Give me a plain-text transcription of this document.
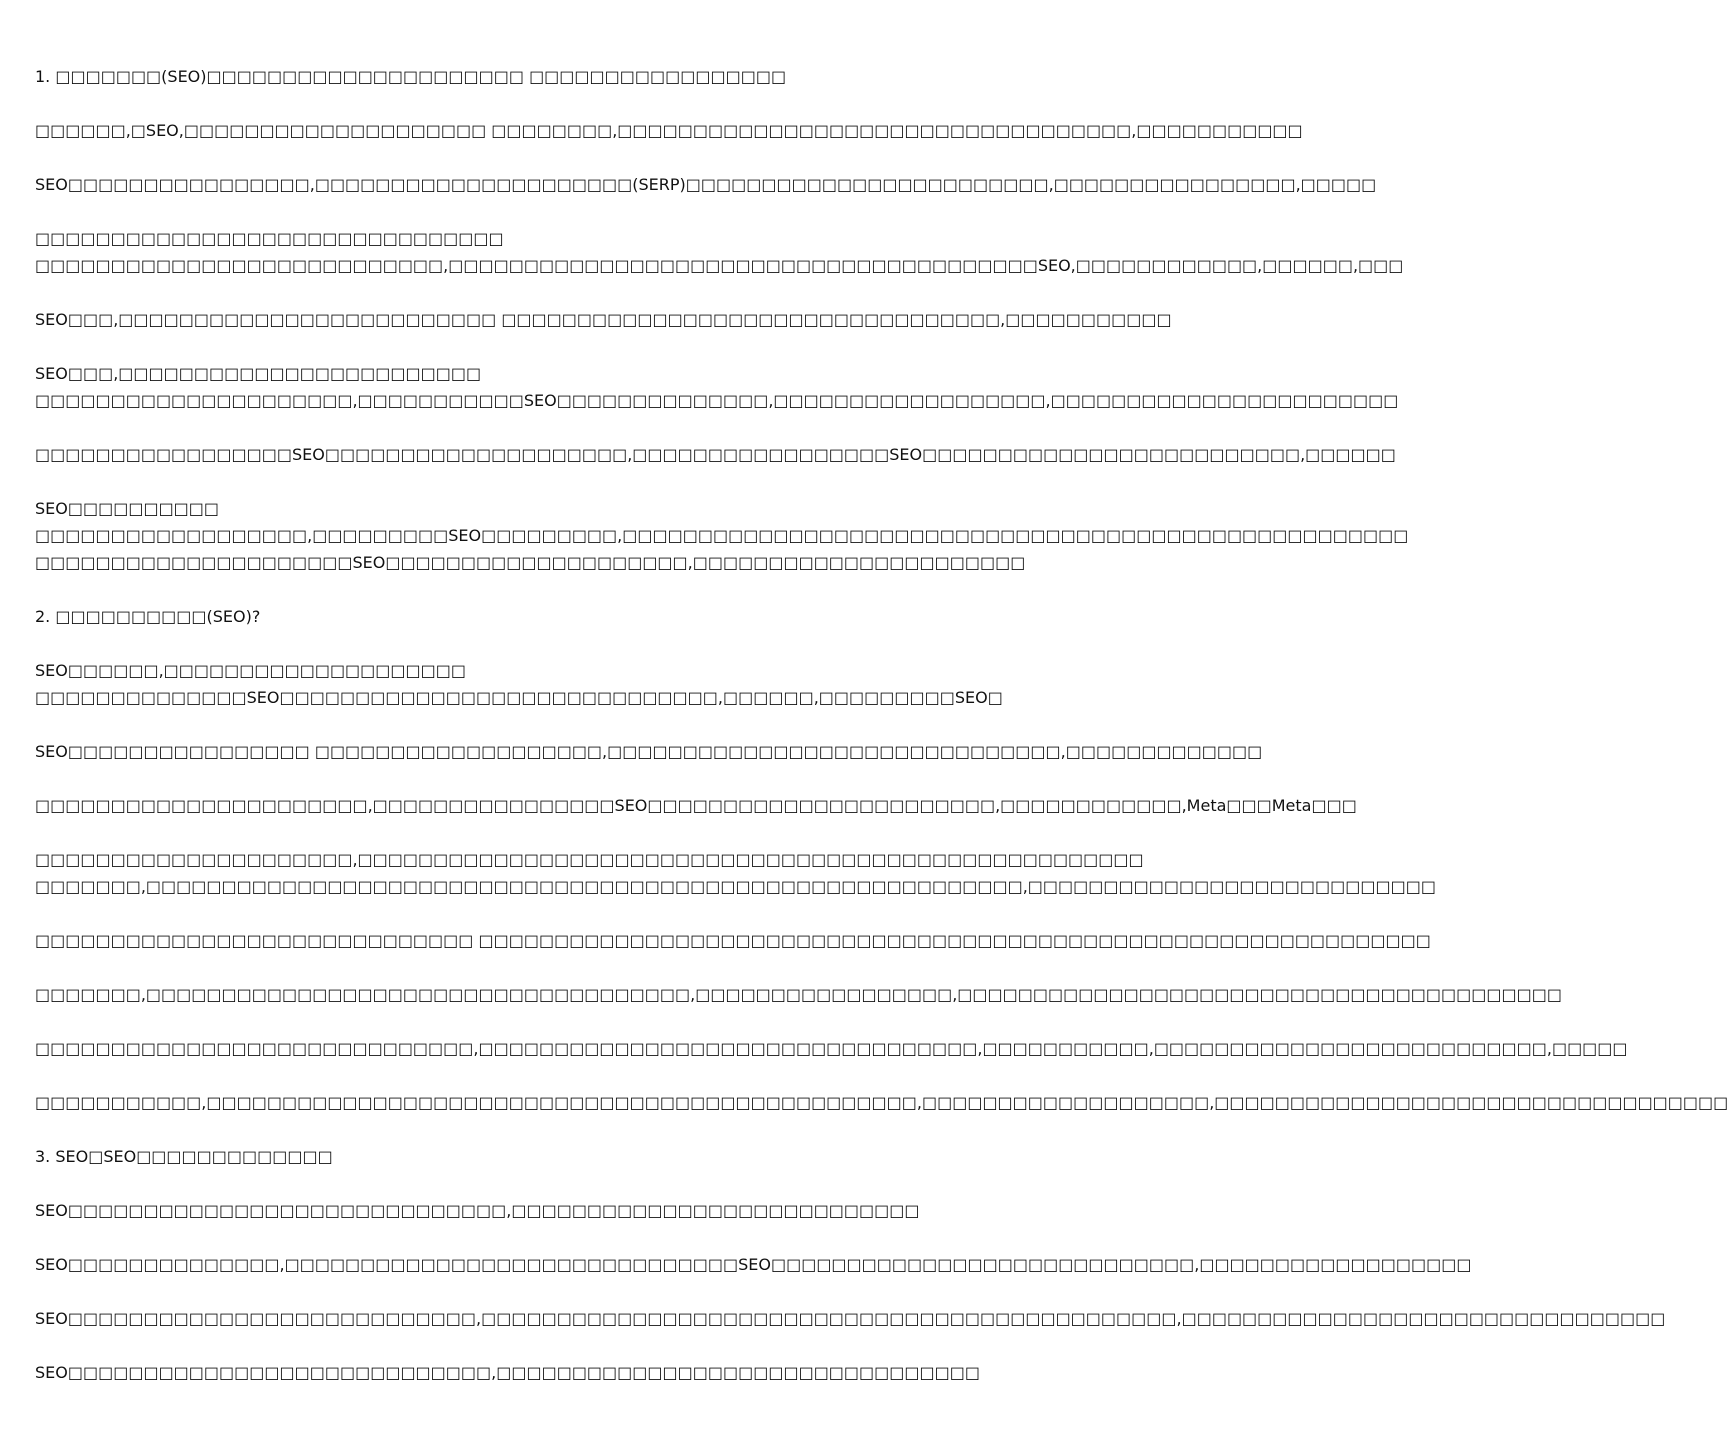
1. □□□□□□□(SEO)□□□□□□□□□□□□□□□□□□□□□ □□□□□□□□□□□□□□□□□
□□□□□□,□SEO,□□□□□□□□□□□□□□□□□□□□ □□□□□□□□,□□□□□□□□□□□□□□□□□□□□□□□□□□□□□□□□□□,□□□□□□□□□□□
SEO□□□□□□□□□□□□□□□□,□□□□□□□□□□□□□□□□□□□□□(SERP)□□□□□□□□□□□□□□□□□□□□□□□□,□□□□□□□□□□□□□□□□,□□□□□
□□□□□□□□□□□□□□□□□□□□□□□□□□□□□□□
□□□□□□□□□□□□□□□□□□□□□□□□□□□,□□□□□□□□□□□□□□□□□□□□□□□□□□□□□□□□□□□□□□□SEO,□□□□□□□□□□□□,□□□□□□,□□□
SEO□□□,□□□□□□□□□□□□□□□□□□□□□□□□□ □□□□□□□□□□□□□□□□□□□□□□□□□□□□□□□□□,□□□□□□□□□□□
SEO□□□,□□□□□□□□□□□□□□□□□□□□□□□□
□□□□□□□□□□□□□□□□□□□□□,□□□□□□□□□□□SEO□□□□□□□□□□□□□□,□□□□□□□□□□□□□□□□□□,□□□□□□□□□□□□□□□□□□□□□□□
□□□□□□□□□□□□□□□□□SEO□□□□□□□□□□□□□□□□□□□□,□□□□□□□□□□□□□□□□□SEO□□□□□□□□□□□□□□□□□□□□□□□□□,□□□□□□
SEO□□□□□□□□□□
□□□□□□□□□□□□□□□□□□,□□□□□□□□□SEO□□□□□□□□□,□□□□□□□□□□□□□□□□□□□□□□□□□□□□□□□□□□□□□□□□□□□□□□□□□□□□
□□□□□□□□□□□□□□□□□□□□□SEO□□□□□□□□□□□□□□□□□□□□,□□□□□□□□□□□□□□□□□□□□□□
2. □□□□□□□□□□(SEO)?
SEO□□□□□□,□□□□□□□□□□□□□□□□□□□□
□□□□□□□□□□□□□□SEO□□□□□□□□□□□□□□□□□□□□□□□□□□□□□,□□□□□□,□□□□□□□□□SEO□
SEO□□□□□□□□□□□□□□□□ □□□□□□□□□□□□□□□□□□□,□□□□□□□□□□□□□□□□□□□□□□□□□□□□□□,□□□□□□□□□□□□□
□□□□□□□□□□□□□□□□□□□□□□,□□□□□□□□□□□□□□□□SEO□□□□□□□□□□□□□□□□□□□□□□□,□□□□□□□□□□□□,Meta□□□Meta□□□
□□□□□□□□□□□□□□□□□□□□□,□□□□□□□□□□□□□□□□□□□□□□□□□□□□□□□□□□□□□□□□□□□□□□□□□□□□
□□□□□□□,□□□□□□□□□□□□□□□□□□□□□□□□□□□□□□□□□□□□□□□□□□□□□□□□□□□□□□□□□□,□□□□□□□□□□□□□□□□□□□□□□□□□□□
□□□□□□□□□□□□□□□□□□□□□□□□□□□□□ □□□□□□□□□□□□□□□□□□□□□□□□□□□□□□□□□□□□□□□□□□□□□□□□□□□□□□□□□□□□□□□
□□□□□□□,□□□□□□□□□□□□□□□□□□□□□□□□□□□□□□□□□□□□,□□□□□□□□□□□□□□□□□,□□□□□□□□□□□□□□□□□□□□□□□□□□□□□□□□□□□□□□□□
□□□□□□□□□□□□□□□□□□□□□□□□□□□□□,□□□□□□□□□□□□□□□□□□□□□□□□□□□□□□□□□,□□□□□□□□□□□,□□□□□□□□□□□□□□□□□□□□□□□□□□,□□□□□
□□□□□□□□□□□,□□□□□□□□□□□□□□□□□□□□□□□□□□□□□□□□□□□□□□□□□□□□□□□,□□□□□□□□□□□□□□□□□□□,□□□□□□□□□□□□□□□□□□□□□□□□□□□□□□□□□□
3. SEO□SEO□□□□□□□□□□□□□
SEO□□□□□□□□□□□□□□□□□□□□□□□□□□□□□,□□□□□□□□□□□□□□□□□□□□□□□□□□□
SEO□□□□□□□□□□□□□□,□□□□□□□□□□□□□□□□□□□□□□□□□□□□□□SEO□□□□□□□□□□□□□□□□□□□□□□□□□□□□,□□□□□□□□□□□□□□□□□□
SEO□□□□□□□□□□□□□□□□□□□□□□□□□□□,□□□□□□□□□□□□□□□□□□□□□□□□□□□□□□□□□□□□□□□□□□□□□□,□□□□□□□□□□□□□□□□□□□□□□□□□□□□□□□□
SEO□□□□□□□□□□□□□□□□□□□□□□□□□□□□,□□□□□□□□□□□□□□□□□□□□□□□□□□□□□□□□
